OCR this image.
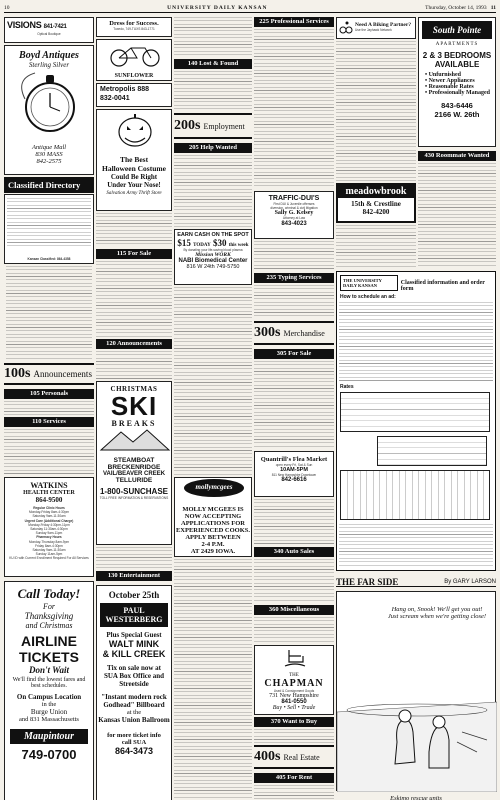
10	UNIVERSITY DAILY KANSAN	Thursday, October 14, 1993 11
VISIONS 841-7421
Optical Boutique
Boyd Antiques
Sterling Silver
Antique Mall
830 MASS
842-2575
Classified Directory
Kansan Classified: 864-4358
100s Announcements
105 Personals
110 Services
WATKINS
HEALTH CENTER
864-9500
Regular Clinic Hours
Monday-Friday 8am-4:30pm
Saturday 9am-11:30am
Urgent Care (Additional Charge)
Monday-Friday 4:30pm-11pm
Saturday 11:30am-4:30pm
Sunday 9am-11pm
Pharmacy Hours
Monday-Thursday 8am-9pm
Friday 8am-4:30pm
Saturday 9am-11:30am
Sunday 11am-5pm
KU ID with Current Enrollment Required For All Services
Call Today!
For
Thanksgiving
and Christmas
AIRLINE
TICKETS
Don't Wait
We'll find the lowest fares and best schedules.
On Campus Location
in the
Burge Union
and 831 Massachusetts
Maupintour
749-0700
Dress for Success.
Tuxedo, 749-TUXS 843-1771
SUNFLOWER
BIKE SHOP
Metropolis 888
832-0041
The Best
Halloween Costume
Could Be Right
Under Your Nose!
Salvation Army Thrift Store
115 For Sale
120 Announcements
CHRISTMAS
SKI
BREAKS
STEAMBOAT
BRECKENRIDGE
VAIL/BEAVER CREEK
TELLURIDE
1-800-SUNCHASE
TOLL FREE INFORMATION & RESERVATIONS
130 Entertainment
October 25th
PAUL WESTERBERG
Plus Special Guest
WALT MINK
& KILL CREEK
Tix on sale now at
SUA Box Office and
Streetside
"Instant modern rock
Godhead" Billboard
at the
Kansas Union Ballroom
for more ticket info call SUA
864-3473
140 Lost & Found
200s Employment
205 Help Wanted
EARN CASH ON THE SPOT
$15 TODAY $30 this week
By donating your life-saving blood plasma
Mission WORK
NABI Biomedical Center
816 W 24th 749-5750
mollymcgees
MOLLY MCGEES IS
NOW ACCEPTING
APPLICATIONS FOR
EXPERIENCED COOKS.
APPLY BETWEEN
2-4 P.M.
AT 2429 IOWA.
225 Professional Services
TRAFFIC-DUI'S
First DUI & Juvenile offenses
diversion, criminal & civil litigation
Sally G. Kelsey
Attorney at Law
843-4023
235 Typing Services
300s Merchandise
305 For Sale
Quantrill's Flea Market
open every Fri, Sat & Sun
10AM-5PM
811 New Hampshire Downtown
842-6616
340 Auto Sales
360 Miscellaneous
THE
CHAPMAN
Used & Consignment Goods
731 New Hampshire
841-0550
Buy • Sell • Trade
370 Want to Buy
400s Real Estate
405 For Rent
Need A Biking Partner?
Use the Jayhawk Network
meadowbrook
15th & Crestline
842-4200
THE UNIVERSITY DAILY KANSAN	Classified information and order form
How to schedule an ad:
Rates
THE FAR SIDE	By GARY LARSON
Hang on, Snook! We'll get you out! Just scream when we're getting close!
Eskimo rescue units
South Pointe
APARTMENTS
2 & 3 BEDROOMS
AVAILABLE
• Unfurnished
• Newer Appliances
• Reasonable Rates
• Professionally Managed
843-6446
2166 W. 26th
430 Roommate Wanted
